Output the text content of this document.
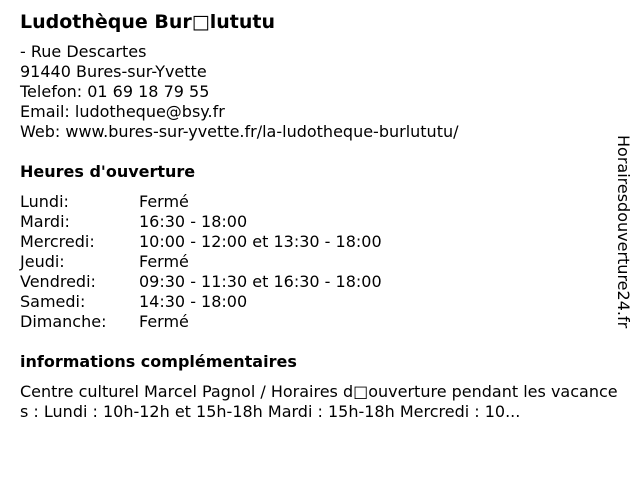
Ludothèque Bur□lututu
- Rue Descartes
91440 Bures-sur-Yvette
Telefon: 01 69 18 79 55
Email: ludotheque@bsy.fr
Web: www.bures-sur-yvette.fr/la-ludotheque-burlututu/
Heures d'ouverture
Lundi:	Fermé
Mardi:	16:30 - 18:00
Mercredi:	10:00 - 12:00 et 13:30 - 18:00
Jeudi:	Fermé
Vendredi:	09:30 - 11:30 et 16:30 - 18:00
Samedi:	14:30 - 18:00
Dimanche:	Fermé
informations complémentaires
Centre culturel Marcel Pagnol / Horaires d□ouverture pendant les vacances : Lundi : 10h-12h et 15h-18h Mardi : 15h-18h Mercredi : 10...
Horairesdouverture24.fr
